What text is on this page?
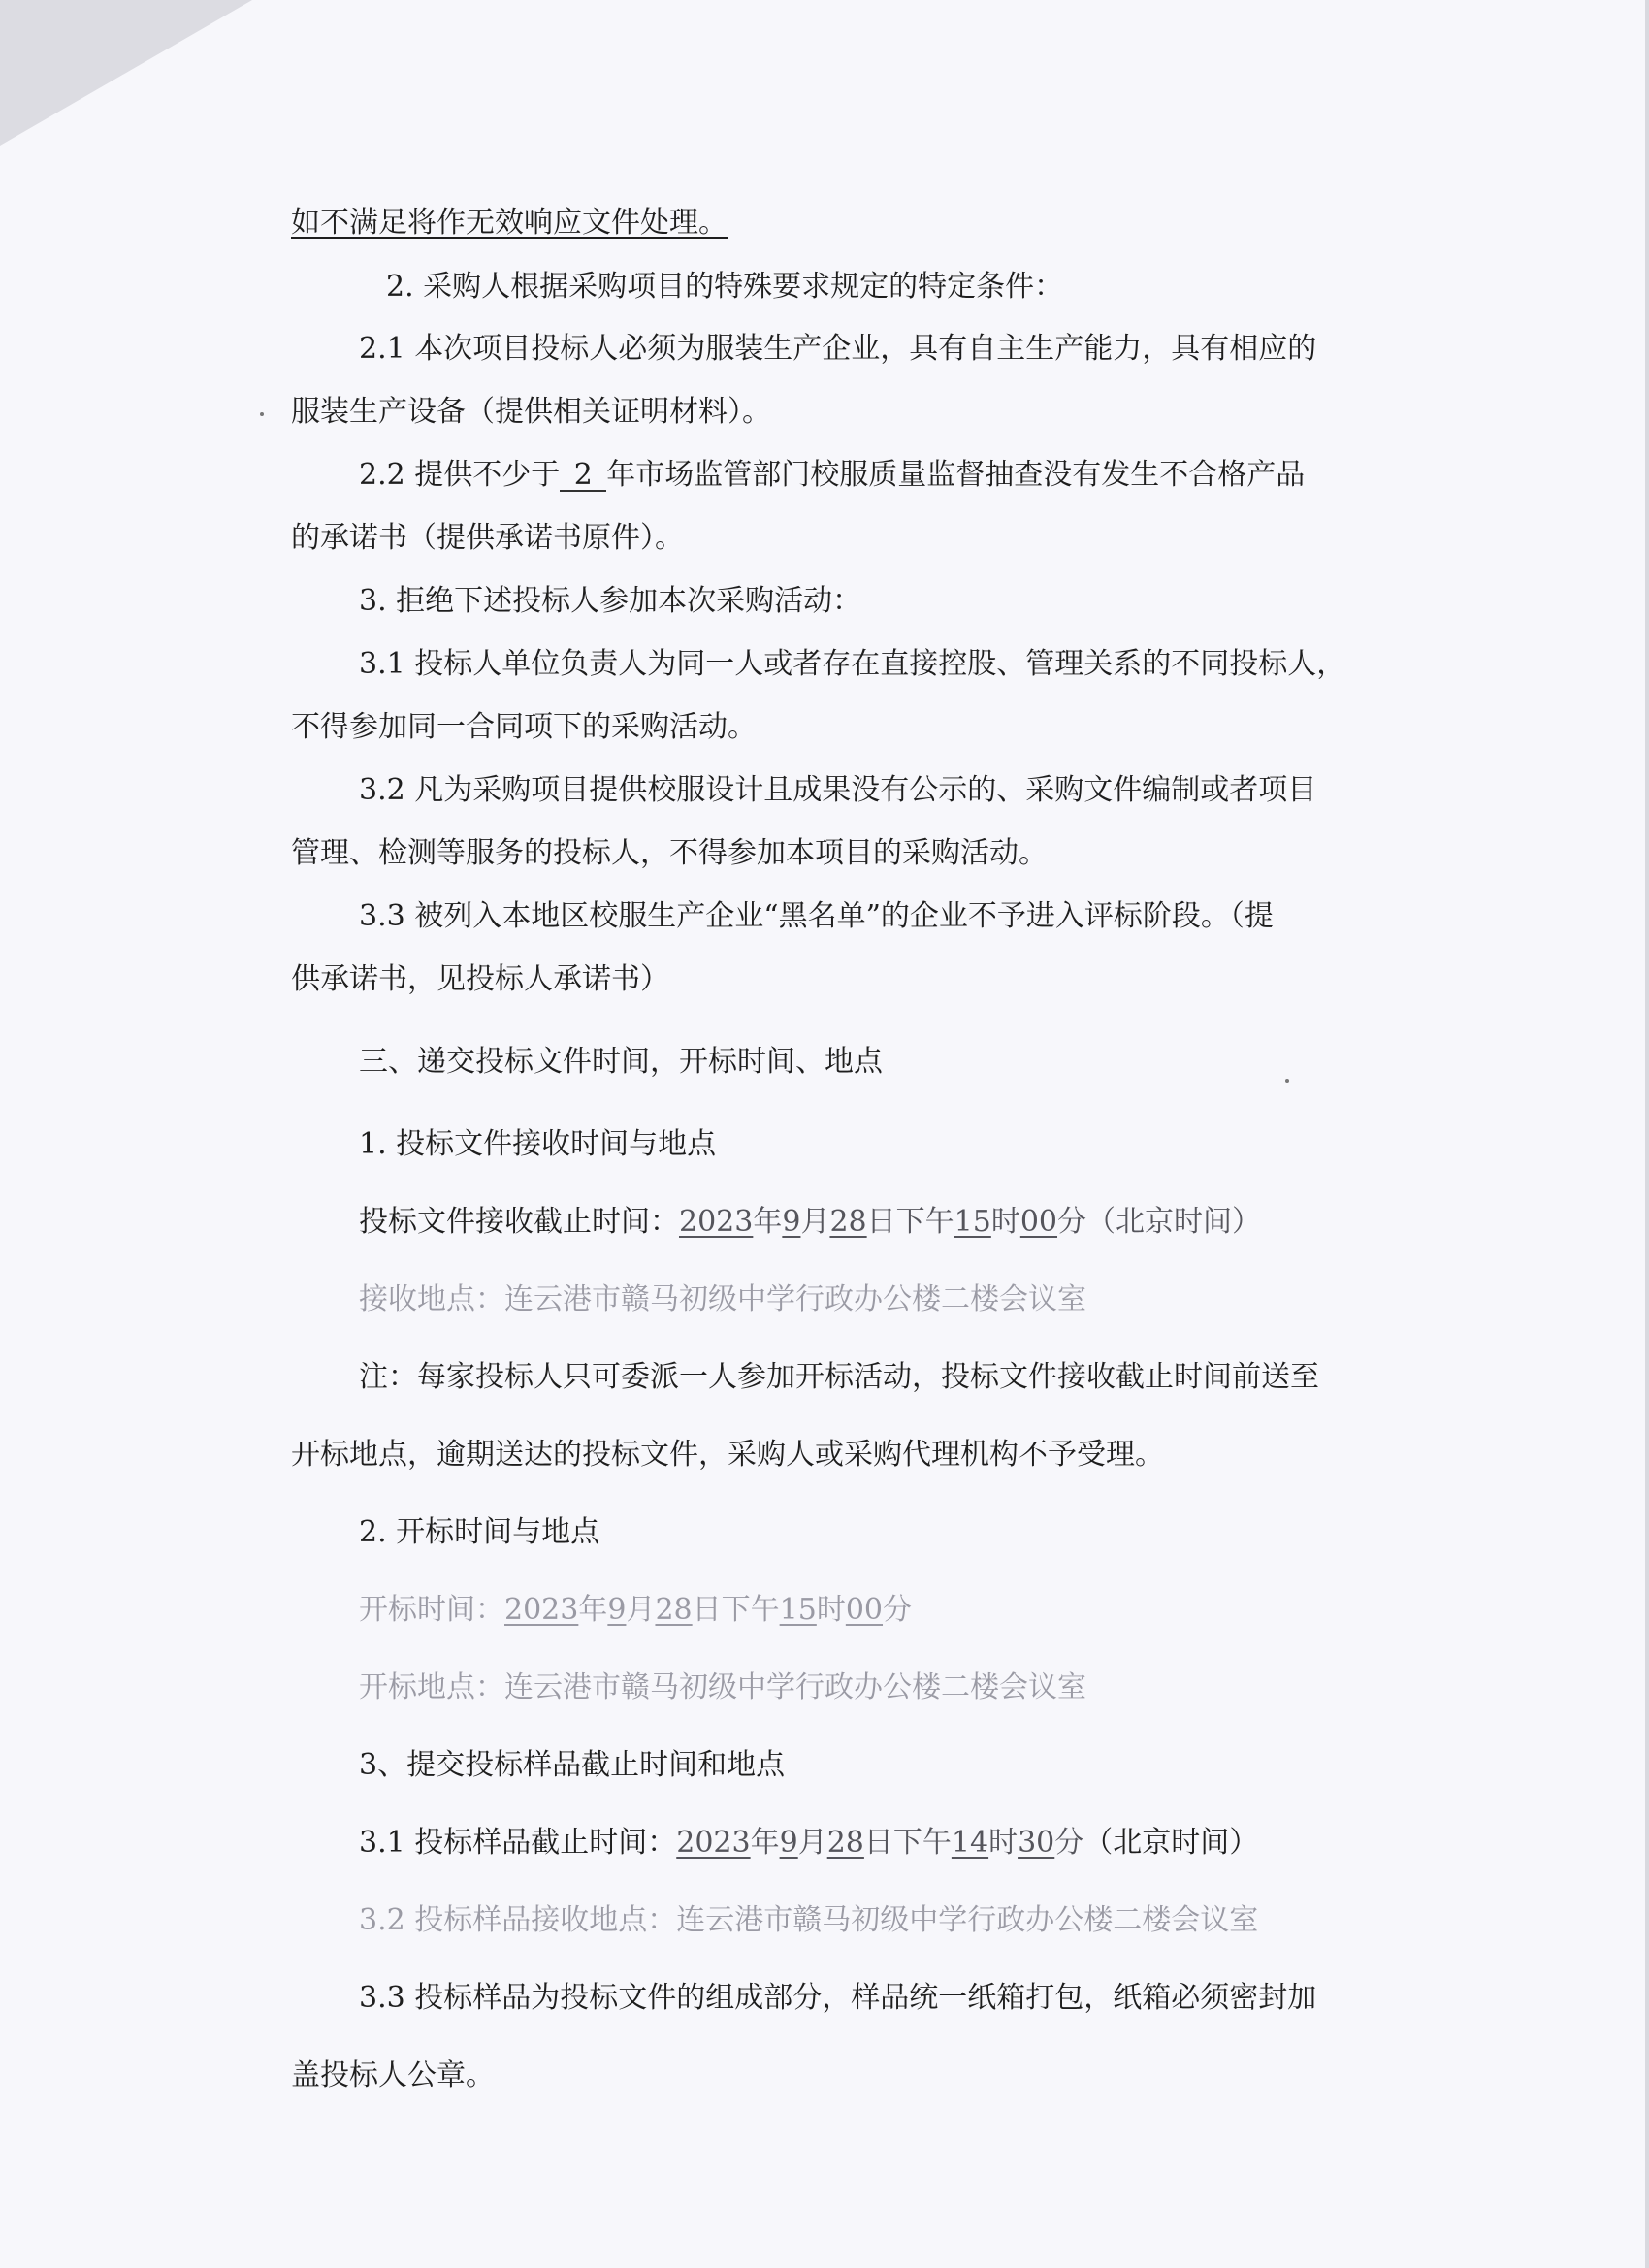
如不满足将作无效响应文件处理。

2. 采购人根据采购项目的特殊要求规定的特定条件：

2.1 本次项目投标人必须为服装生产企业，具有自主生产能力，具有相应的

服装生产设备（提供相关证明材料）。

2.2 提供不少于 2 年市场监管部门校服质量监督抽查没有发生不合格产品

的承诺书（提供承诺书原件）。

3. 拒绝下述投标人参加本次采购活动：

3.1 投标人单位负责人为同一人或者存在直接控股、管理关系的不同投标人，

不得参加同一合同项下的采购活动。

3.2 凡为采购项目提供校服设计且成果没有公示的、采购文件编制或者项目

管理、检测等服务的投标人，不得参加本项目的采购活动。

3.3 被列入本地区校服生产企业“黑名单”的企业不予进入评标阶段。（提

供承诺书，见投标人承诺书）

三、递交投标文件时间，开标时间、地点

1. 投标文件接收时间与地点

投标文件接收截止时间：2023年9月28日下午15时00分（北京时间）

接收地点：连云港市赣马初级中学行政办公楼二楼会议室

注：每家投标人只可委派一人参加开标活动，投标文件接收截止时间前送至

开标地点，逾期送达的投标文件，采购人或采购代理机构不予受理。

2. 开标时间与地点

开标时间：2023年9月28日下午15时00分

开标地点：连云港市赣马初级中学行政办公楼二楼会议室

3、提交投标样品截止时间和地点

3.1 投标样品截止时间：2023年9月28日下午14时30分（北京时间）

3.2 投标样品接收地点：连云港市赣马初级中学行政办公楼二楼会议室

3.3 投标样品为投标文件的组成部分，样品统一纸箱打包，纸箱必须密封加

盖投标人公章。
